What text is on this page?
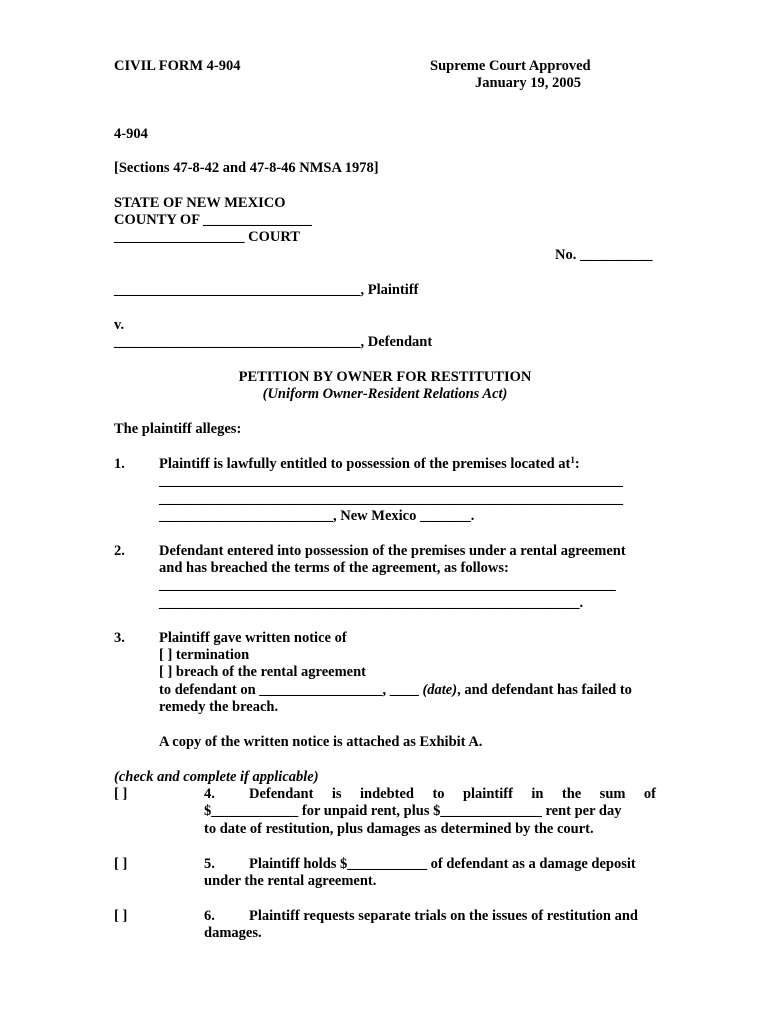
CIVIL FORM 4-904	Supreme Court Approved
January 19, 2005
4-904
[Sections 47-8-42 and 47-8-46 NMSA 1978]
STATE OF NEW MEXICO
COUNTY OF _______________
__________________ COURT
No. __________
__________________________________, Plaintiff
v.
__________________________________, Defendant
PETITION BY OWNER FOR RESTITUTION
(Uniform Owner-Resident Relations Act)
The plaintiff alleges:
1. Plaintiff is lawfully entitled to possession of the premises located $at^1$:
________________________________________________________________
________________________________________________________________
________________________, New Mexico _______.
2. Defendant entered into possession of the premises under a rental agreement
and has breached the terms of the agreement, as follows:
_______________________________________________________________
__________________________________________________________.
3. Plaintiff gave written notice of
[ ] termination
[ ] breach of the rental agreement
to defendant on _________________, ____ (date), and defendant has failed to
remedy the breach.
A copy of the written notice is attached as Exhibit A.
(check and complete if applicable)
[ ]	4. Defendant is indebted to plaintiff in the sum of
$____________ for unpaid rent, plus $______________ rent per day
to date of restitution, plus damages as determined by the court.
[ ]	5. Plaintiff holds $___________ of defendant as a damage deposit
under the rental agreement.
[ ]	6. Plaintiff requests separate trials on the issues of restitution and
damages.
